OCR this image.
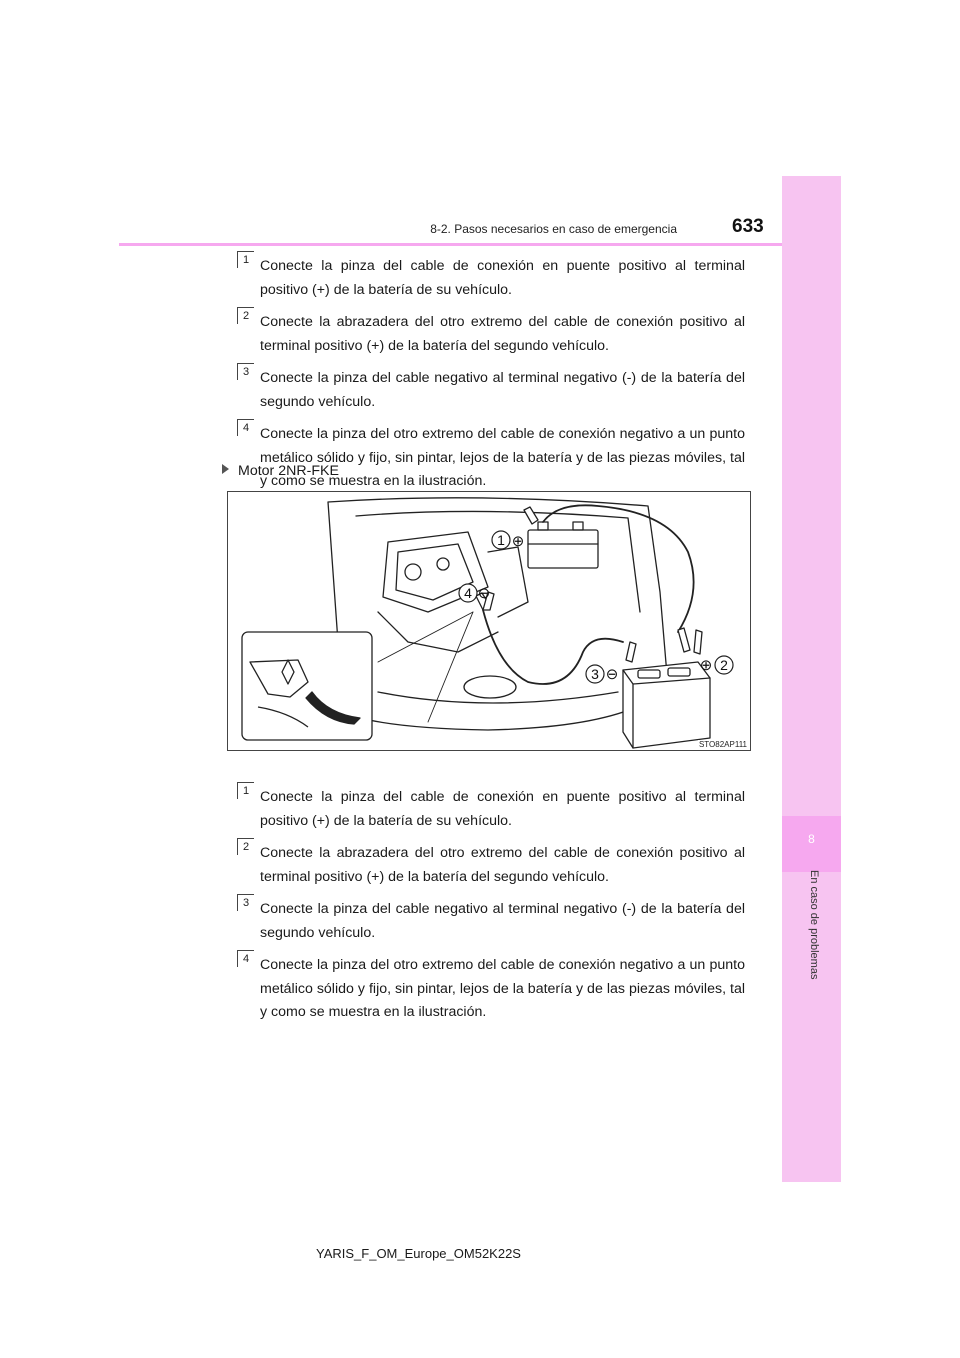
8
En caso de problemas
8-2. Pasos necesarios en caso de emergencia	633
1 Conecte la pinza del cable de conexión en puente positivo al terminal positivo (+) de la batería de su vehículo.
2 Conecte la abrazadera del otro extremo del cable de conexión positivo al terminal positivo (+) de la batería del segundo vehículo.
3 Conecte la pinza del cable negativo al terminal negativo (-) de la batería del segundo vehículo.
4 Conecte la pinza del otro extremo del cable de conexión negativo a un punto metálico sólido y fijo, sin pintar, lejos de la batería y de las piezas móviles, tal y como se muestra en la ilustración.
Motor 2NR-FKE
1 ⊕
4 ⊖
3 ⊖
2
⊕
STO82AP111
1 Conecte la pinza del cable de conexión en puente positivo al terminal positivo (+) de la batería de su vehículo.
2 Conecte la abrazadera del otro extremo del cable de conexión positivo al terminal positivo (+) de la batería del segundo vehículo.
3 Conecte la pinza del cable negativo al terminal negativo (-) de la batería del segundo vehículo.
4 Conecte la pinza del otro extremo del cable de conexión negativo a un punto metálico sólido y fijo, sin pintar, lejos de la batería y de las piezas móviles, tal y como se muestra en la ilustración.
YARIS_F_OM_Europe_OM52K22S
